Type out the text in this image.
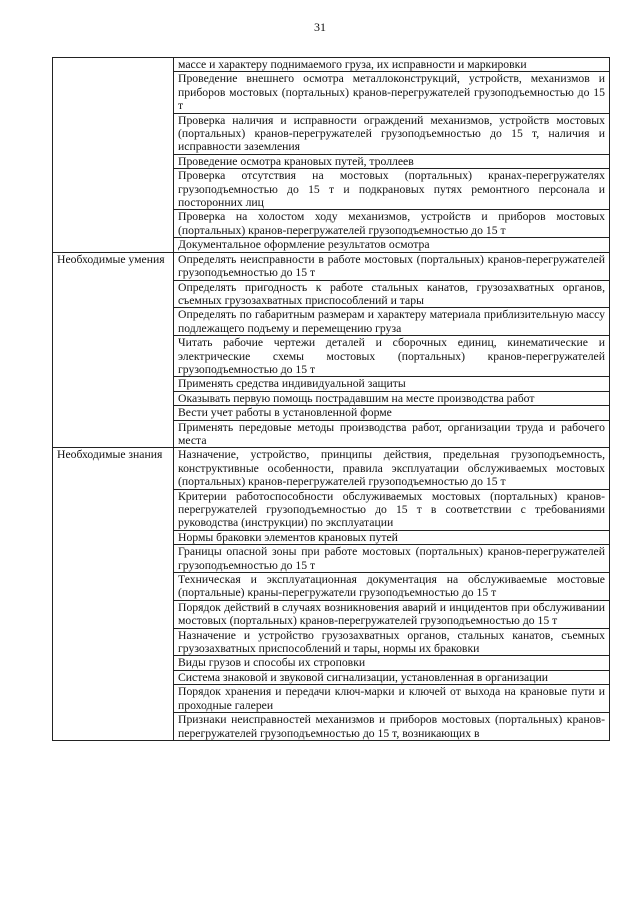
31
	массе и характеру поднимаемого груза, их исправности и маркировки
	Проведение внешнего осмотра металлоконструкций, устройств, механизмов и приборов мостовых (портальных) кранов-перегружателей грузоподъемностью до 15 т
	Проверка наличия и исправности ограждений механизмов, устройств мостовых (портальных) кранов-перегружателей грузоподъемностью до 15 т, наличия и исправности заземления
	Проведение осмотра крановых путей, троллеев
	Проверка отсутствия на мостовых (портальных) кранах-перегружателях грузоподъемностью до 15 т и подкрановых путях ремонтного персонала и посторонних лиц
	Проверка на холостом ходу механизмов, устройств и приборов мостовых (портальных) кранов-перегружателей грузоподъемностью до 15 т
	Документальное оформление результатов осмотра
Необходимые умения	Определять неисправности в работе мостовых (портальных) кранов-перегружателей грузоподъемностью до 15 т
	Определять пригодность к работе стальных канатов, грузозахватных органов, съемных грузозахватных приспособлений и тары
	Определять по габаритным размерам и характеру материала приблизительную массу подлежащего подъему и перемещению груза
	Читать рабочие чертежи деталей и сборочных единиц, кинематические и электрические схемы мостовых (портальных) кранов-перегружателей грузоподъемностью до 15 т
	Применять средства индивидуальной защиты
	Оказывать первую помощь пострадавшим на месте производства работ
	Вести учет работы в установленной форме
	Применять передовые методы производства работ, организации труда и рабочего места
Необходимые знания	Назначение, устройство, принципы действия, предельная грузоподъемность, конструктивные особенности, правила эксплуатации обслуживаемых мостовых (портальных) кранов-перегружателей грузоподъемностью до 15 т
	Критерии работоспособности обслуживаемых мостовых (портальных) кранов-перегружателей грузоподъемностью до 15 т в соответствии с требованиями руководства (инструкции) по эксплуатации
	Нормы браковки элементов крановых путей
	Границы опасной зоны при работе мостовых (портальных) кранов-перегружателей грузоподъемностью до 15 т
	Техническая и эксплуатационная документация на обслуживаемые мостовые (портальные) краны-перегружатели грузоподъемностью до 15 т
	Порядок действий в случаях возникновения аварий и инцидентов при обслуживании мостовых (портальных) кранов-перегружателей грузоподъемностью до 15 т
	Назначение и устройство грузозахватных органов, стальных канатов, съемных грузозахватных приспособлений и тары, нормы их браковки
	Виды грузов и способы их строповки
	Система знаковой и звуковой сигнализации, установленная в организации
	Порядок хранения и передачи ключ-марки и ключей от выхода на крановые пути и проходные галереи
	Признаки неисправностей механизмов и приборов мостовых (портальных) кранов-перегружателей грузоподъемностью до 15 т, возникающих в
